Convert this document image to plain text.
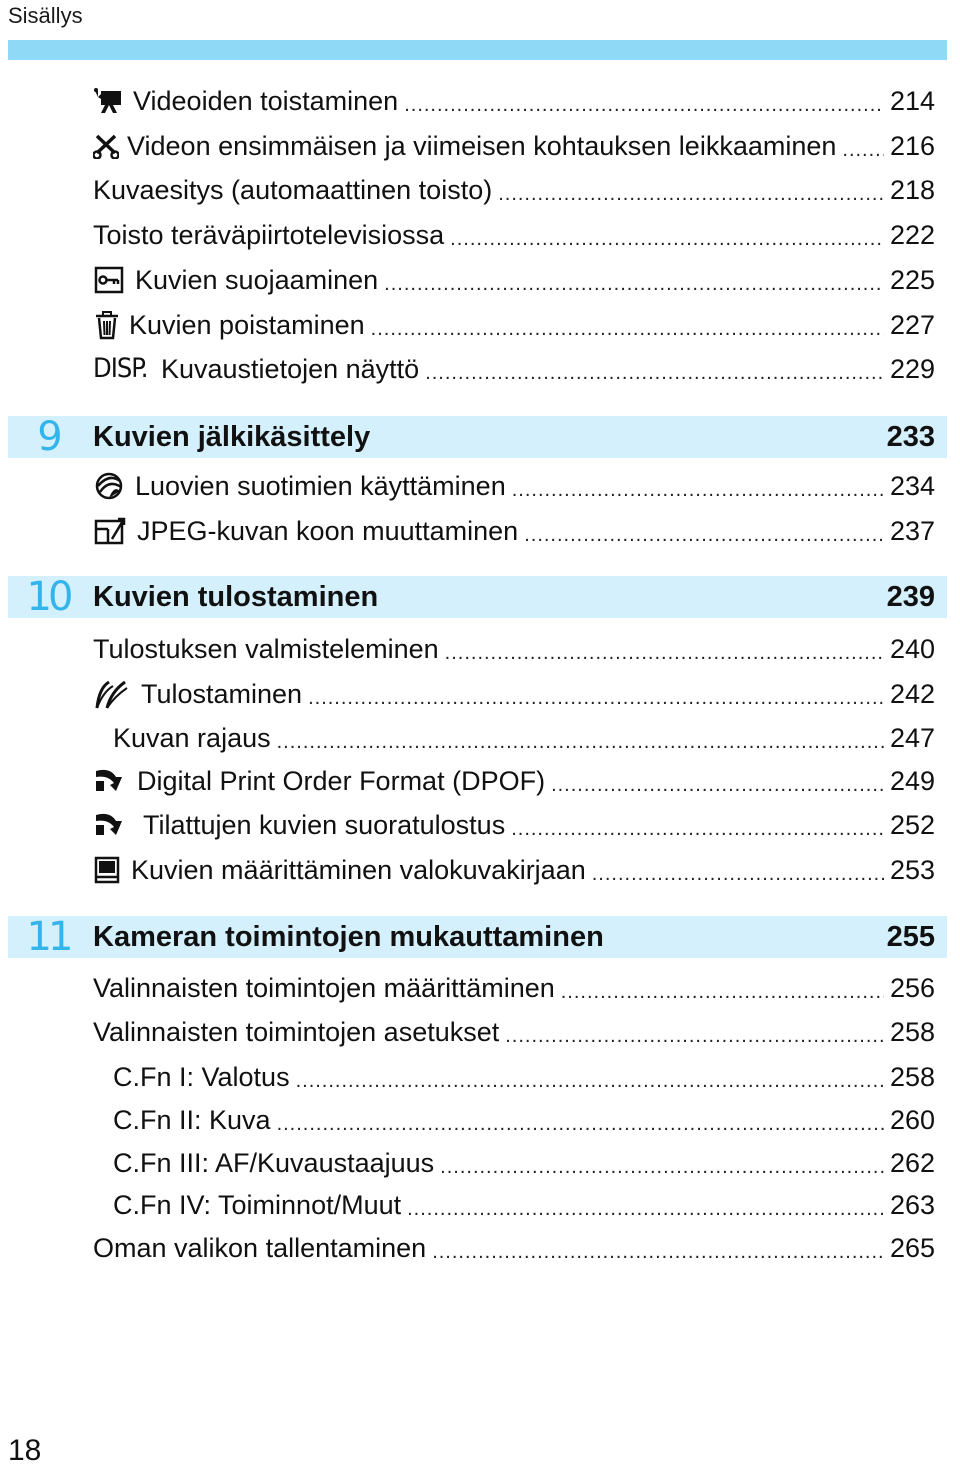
Sisällys
Videoiden toistaminen .....	214
Videon ensimmäisen ja viimeisen kohtauksen leikkaaminen ..... 216
Kuvaesitys (automaattinen toisto) .....	218
Toisto teräväpiirtotelevisiossa .....	222
Kuvien suojaaminen .....	225
Kuvien poistaminen .....	227
DISP. Kuvaustietojen näyttö .....	229
9	Kuvien jälkikäsittely	233
Luovien suotimien käyttäminen .....	234
JPEG-kuvan koon muuttaminen .....	237
10 Kuvien tulostaminen	239
Tulostuksen valmisteleminen .....	240
Tulostaminen .....	242
Kuvan rajaus .....	247
Digital Print Order Format (DPOF) .....	249
Tilattujen kuvien suoratulostus .....	252
Kuvien määrittäminen valokuvakirjaan .....	253
11 Kameran toimintojen mukauttaminen	255
Valinnaisten toimintojen määrittäminen .....	256
Valinnaisten toimintojen asetukset .....	258
C.Fn I: Valotus .....	258
C.Fn II: Kuva .....	260
C.Fn III: AF/Kuvaustaajuus .....	262
C.Fn IV: Toiminnot/Muut .....	263
Oman valikon tallentaminen .....	265
18
